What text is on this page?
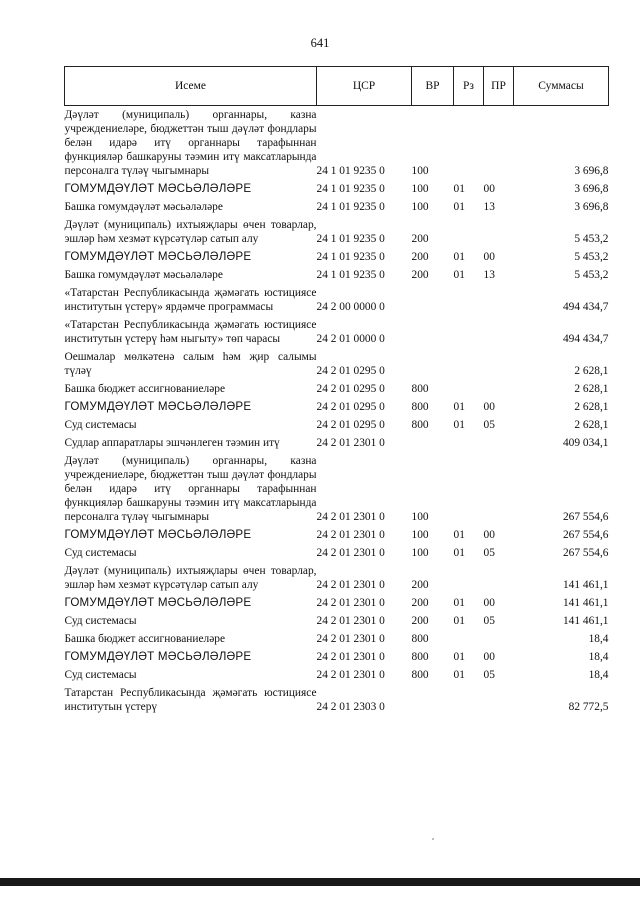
641
Исеме	ЦСР	ВР	Рз	ПР	Суммасы
Дәүләт (муниципаль) органнары, казна учреждениеләре, бюджеттән тыш дәүләт фондлары белән идарә итү органнары тарафыннан функцияләр башкаруны тәэмин итү максатларында персоналга түләү чыгымнары	24 1 01 9235 0	100			3 696,8
ГОМУМДӘҮЛӘТ МӘСЬӘЛӘЛӘРЕ	24 1 01 9235 0	100	01	00	3 696,8
Башка гомумдәүләт мәсьәләләре	24 1 01 9235 0	100	01	13	3 696,8
Дәүләт (муниципаль) ихтыяҗлары өчен товарлар, эшләр һәм хезмәт күрсәтүләр сатып алу	24 1 01 9235 0	200			5 453,2
ГОМУМДӘҮЛӘТ МӘСЬӘЛӘЛӘРЕ	24 1 01 9235 0	200	01	00	5 453,2
Башка гомумдәүләт мәсьәләләре	24 1 01 9235 0	200	01	13	5 453,2
«Татарстан Республикасында җәмәгать юстициясе институтын үстерү» ярдәмче программасы	24 2 00 0000 0				494 434,7
«Татарстан Республикасында җәмәгать юстициясе институтын үстерү һәм ныгыту» төп чарасы	24 2 01 0000 0				494 434,7
Оешмалар мөлкәтенә салым һәм җир салымы түләү	24 2 01 0295 0				2 628,1
Башка бюджет ассигнованиеләре	24 2 01 0295 0	800			2 628,1
ГОМУМДӘҮЛӘТ МӘСЬӘЛӘЛӘРЕ	24 2 01 0295 0	800	01	00	2 628,1
Суд системасы	24 2 01 0295 0	800	01	05	2 628,1
Судлар аппаратлары эшчәнлеген тәэмин итү	24 2 01 2301 0				409 034,1
Дәүләт (муниципаль) органнары, казна учреждениеләре, бюджеттән тыш дәүләт фондлары белән идарә итү органнары тарафыннан функцияләр башкаруны тәэмин итү максатларында персоналга түләү чыгымнары	24 2 01 2301 0	100			267 554,6
ГОМУМДӘҮЛӘТ МӘСЬӘЛӘЛӘРЕ	24 2 01 2301 0	100	01	00	267 554,6
Суд системасы	24 2 01 2301 0	100	01	05	267 554,6
Дәүләт (муниципаль) ихтыяҗлары өчен товарлар, эшләр һәм хезмәт күрсәтүләр сатып алу	24 2 01 2301 0	200			141 461,1
ГОМУМДӘҮЛӘТ МӘСЬӘЛӘЛӘРЕ	24 2 01 2301 0	200	01	00	141 461,1
Суд системасы	24 2 01 2301 0	200	01	05	141 461,1
Башка бюджет ассигнованиеләре	24 2 01 2301 0	800			18,4
ГОМУМДӘҮЛӘТ МӘСЬӘЛӘЛӘРЕ	24 2 01 2301 0	800	01	00	18,4
Суд системасы	24 2 01 2301 0	800	01	05	18,4
Татарстан Республикасында җәмәгать юстициясе институтын үстерү	24 2 01 2303 0				82 772,5
